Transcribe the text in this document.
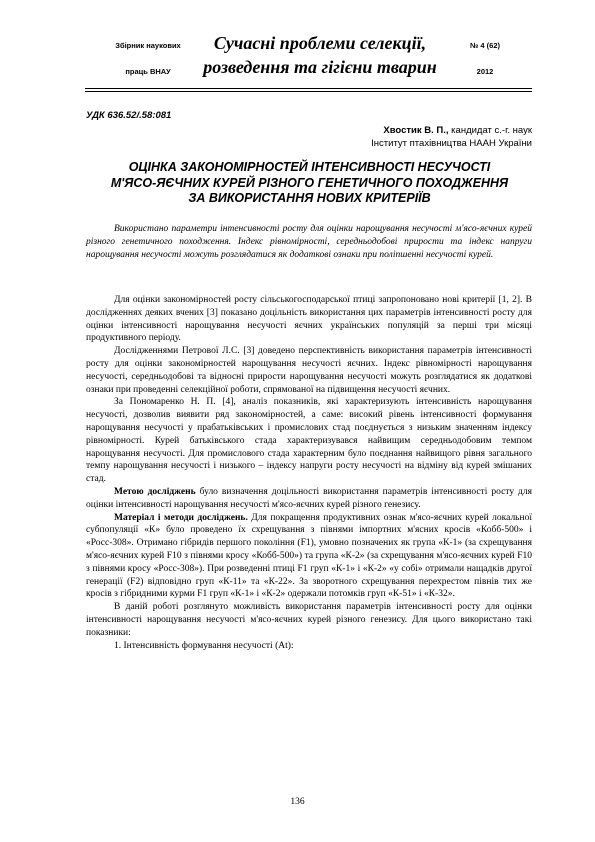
Збірник наукових
праць ВНАУ
Сучасні проблеми селекції,
розведення та гігієни тварин
№ 4 (62)
2012
УДК 636.52/.58:081
Хвостик В. П., кандидат с.-г. наук
Інститут птахівництва НААН України
ОЦІНКА ЗАКОНОМІРНОСТЕЙ ІНТЕНСИВНОСТІ НЕСУЧОСТІ
М'ЯСО-ЯЄЧНИХ КУРЕЙ РІЗНОГО ГЕНЕТИЧНОГО ПОХОДЖЕННЯ
ЗА ВИКОРИСТАННЯ НОВИХ КРИТЕРІЇВ
Використано параметри інтенсивності росту для оцінки нарощування несучості м'ясо-яєчних курей різного генетичного походження. Індекс рівномірності, середньодобові прирости та індекс напруги нарощування несучості можуть розглядатися як додаткові ознаки при поліпшенні несучості курей.

Для оцінки закономірностей росту сільськогосподарської птиці запропоновано нові критерії [1, 2]. В дослідженнях деяких вчених [3] показано доцільність використання цих параметрів інтенсивності росту для оцінки інтенсивності нарощування несучості яєчних українських популяцій за перші три місяці продуктивного періоду.

Дослідженнями Петрової Л.С. [3] доведено перспективність використання параметрів інтенсивності росту для оцінки закономірностей нарощування несучості яєчних. Індекс рівномірності нарощування несучості, середньодобові та відносні прирости нарощування несучості можуть розглядатися як додаткові ознаки при проведенні селекційної роботи, спрямованої на підвищення несучості яєчних.

За Пономаренко Н. П. [4], аналіз показників, які характеризують інтенсивність нарощування несучості, дозволив виявити ряд закономірностей, а саме: високий рівень інтенсивності формування нарощування несучості у прабатьківських і промислових стад поєднується з низьким значенням індексу рівномірності. Курей батьківського стада характеризувався найвищим середньодобовим темпом нарощування несучості. Для промислового стада характерним було поєднання найвищого рівня загального темпу нарощування несучості і низького – індексу напруги росту несучості на відміну від курей змішаних стад.

Метою досліджень було визначення доцільності використання параметрів інтенсивності росту для оцінки інтенсивності нарощування несучості м'ясо-яєчних курей різного генезису.

Матеріал і методи досліджень. Для покращення продуктивних ознак м'ясо-яєчних курей локальної субпопуляції «К» було проведено їх схрещування з півнями імпортних м'ясних кросів «Кобб-500» і «Росс-308». Отримано гібридів першого покоління (F1), умовно позначених як група «К-1» (за схрещування м'ясо-яєчних курей F10 з півнями кросу «Кобб-500») та група «К-2» (за схрещування м'ясо-яєчних курей F10 з півнями кросу «Росс-308»). При розведенні птиці F1 груп «К-1» і «К-2» «у собі» отримали нащадків другої генерації (F2) відповідно груп «К-11» та «К-22». За зворотного схрещування перехрестом півнів тих же кросів з гібридними курми F1 груп «К-1» і «К-2» одержали потомків груп «К-51» і «К-32».

В даній роботі розглянуто можливість використання параметрів інтенсивності росту для оцінки інтенсивності нарощування несучості м'ясо-яєчних курей різного генезису. Для цього використано такі показники:

1. Інтенсивність формування несучості (At):

136
